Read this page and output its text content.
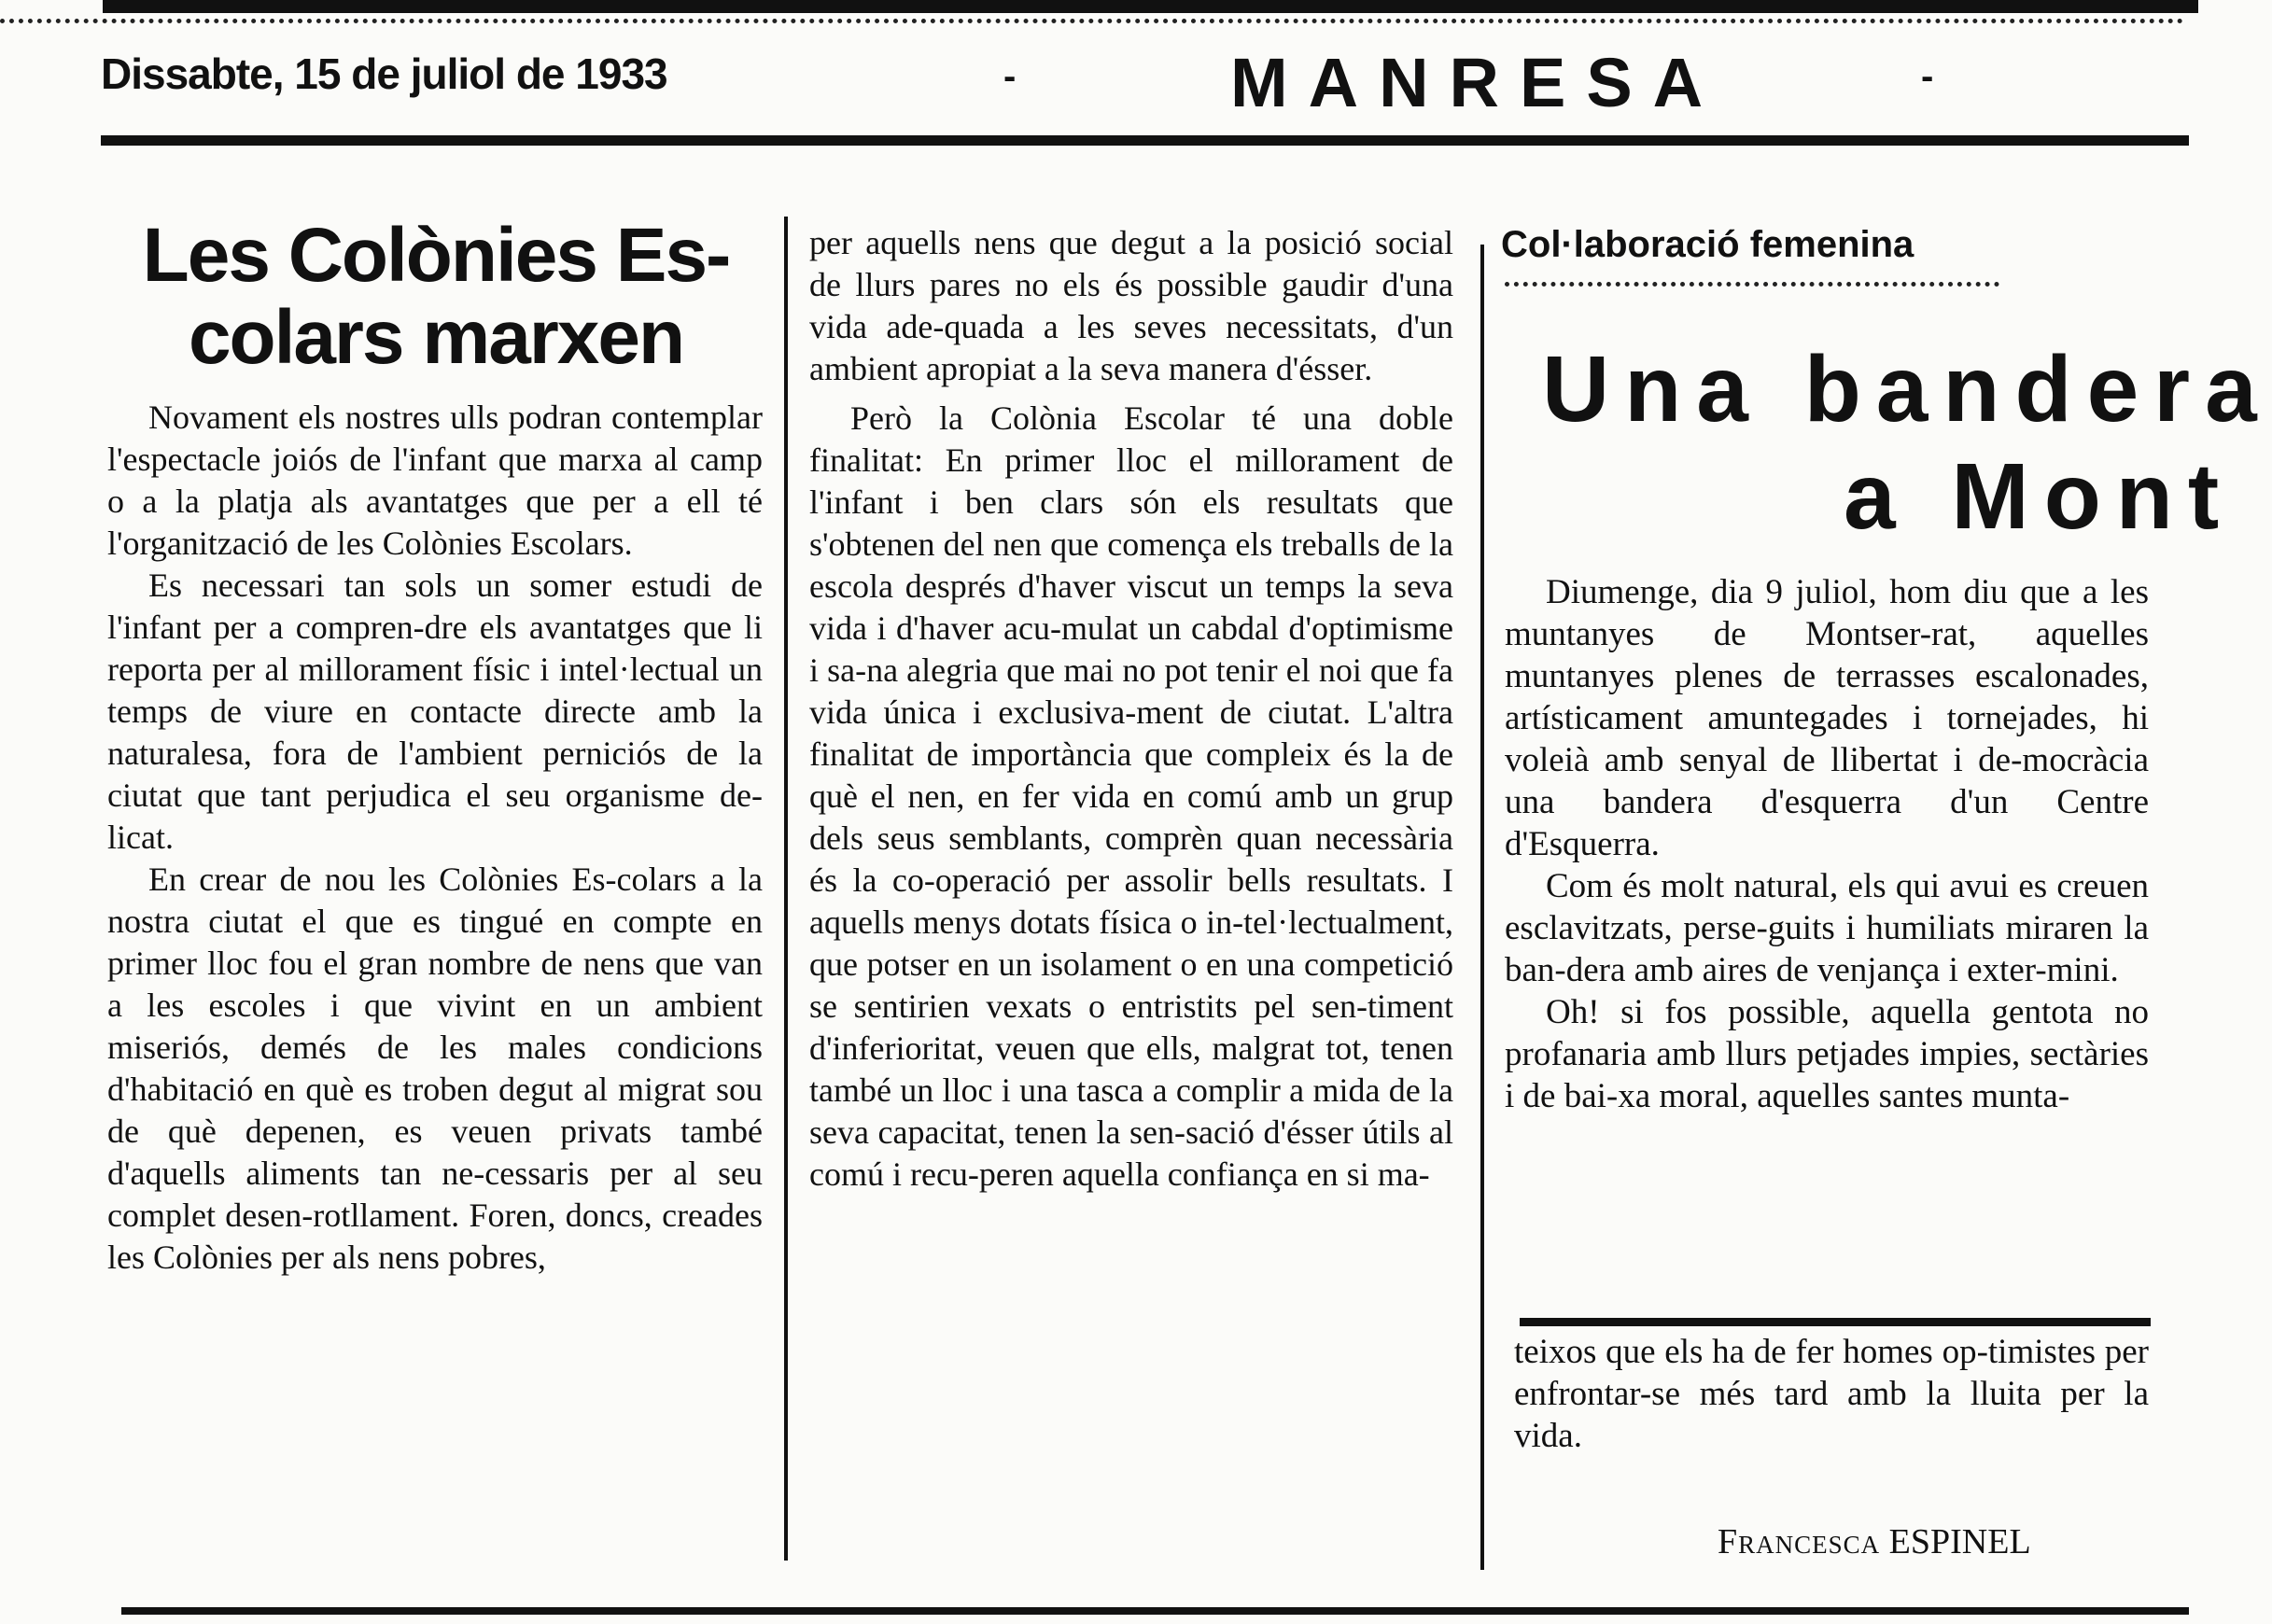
Dissabte, 15 de juliol de 1933	-	MANRESA	-
Les Colònies Es-
colars marxen

Novament els nostres ulls podran contemplar l'espectacle joiós de l'infant que marxa al camp o a la platja als avantatges que per a ell té l'organització de les Colònies Escolars.

Es necessari tan sols un somer estudi de l'infant per a compren-dre els avantatges que li reporta per al millorament físic i intel·lectual un temps de viure en contacte directe amb la naturalesa, fora de l'ambient perniciós de la ciutat que tant perjudica el seu organisme de-licat.

En crear de nou les Colònies Es-colars a la nostra ciutat el que es tingué en compte en primer lloc fou el gran nombre de nens que van a les escoles i que vivint en un ambient miseriós, demés de les males condicions d'habitació en què es troben degut al migrat sou de què depenen, es veuen privats també d'aquells aliments tan ne-cessaris per al seu complet desen-rotllament. Foren, doncs, creades les Colònies per als nens pobres,

per aquells nens que degut a la posició social de llurs pares no els és possible gaudir d'una vida ade-quada a les seves necessitats, d'un ambient apropiat a la seva manera d'ésser.

Però la Colònia Escolar té una doble finalitat: En primer lloc el millorament de l'infant i ben clars són els resultats que s'obtenen del nen que comença els treballs de la escola després d'haver viscut un temps la seva vida i d'haver acu-mulat un cabdal d'optimisme i sa-na alegria que mai no pot tenir el noi que fa vida única i exclusiva-ment de ciutat. L'altra finalitat de importància que compleix és la de què el nen, en fer vida en comú amb un grup dels seus semblants, comprèn quan necessària és la co-operació per assolir bells resultats. I aquells menys dotats física o in-tel·lectualment, que potser en un isolament o en una competició se sentirien vexats o entristits pel sen-timent d'inferioritat, veuen que ells, malgrat tot, tenen també un lloc i una tasca a complir a mida de la seva capacitat, tenen la sen-sació d'ésser útils al comú i recu-peren aquella confiança en si ma-

Col·laboració femenina
Una bandera
a Mont

Diumenge, dia 9 juliol, hom diu que a les muntanyes de Montser-rat, aquelles muntanyes plenes de terrasses escalonades, artísticament amuntegades i tornejades, hi voleià amb senyal de llibertat i de-mocràcia una bandera d'esquerra d'un Centre d'Esquerra.

Com és molt natural, els qui avui es creuen esclavitzats, perse-guits i humiliats miraren la ban-dera amb aires de venjança i exter-mini.

Oh! si fos possible, aquella gentota no profanaria amb llurs petjades impies, sectàries i de bai-xa moral, aquelles santes munta-

teixos que els ha de fer homes op-timistes per enfrontar-se més tard amb la lluita per la vida.

Francesca ESPINEL
